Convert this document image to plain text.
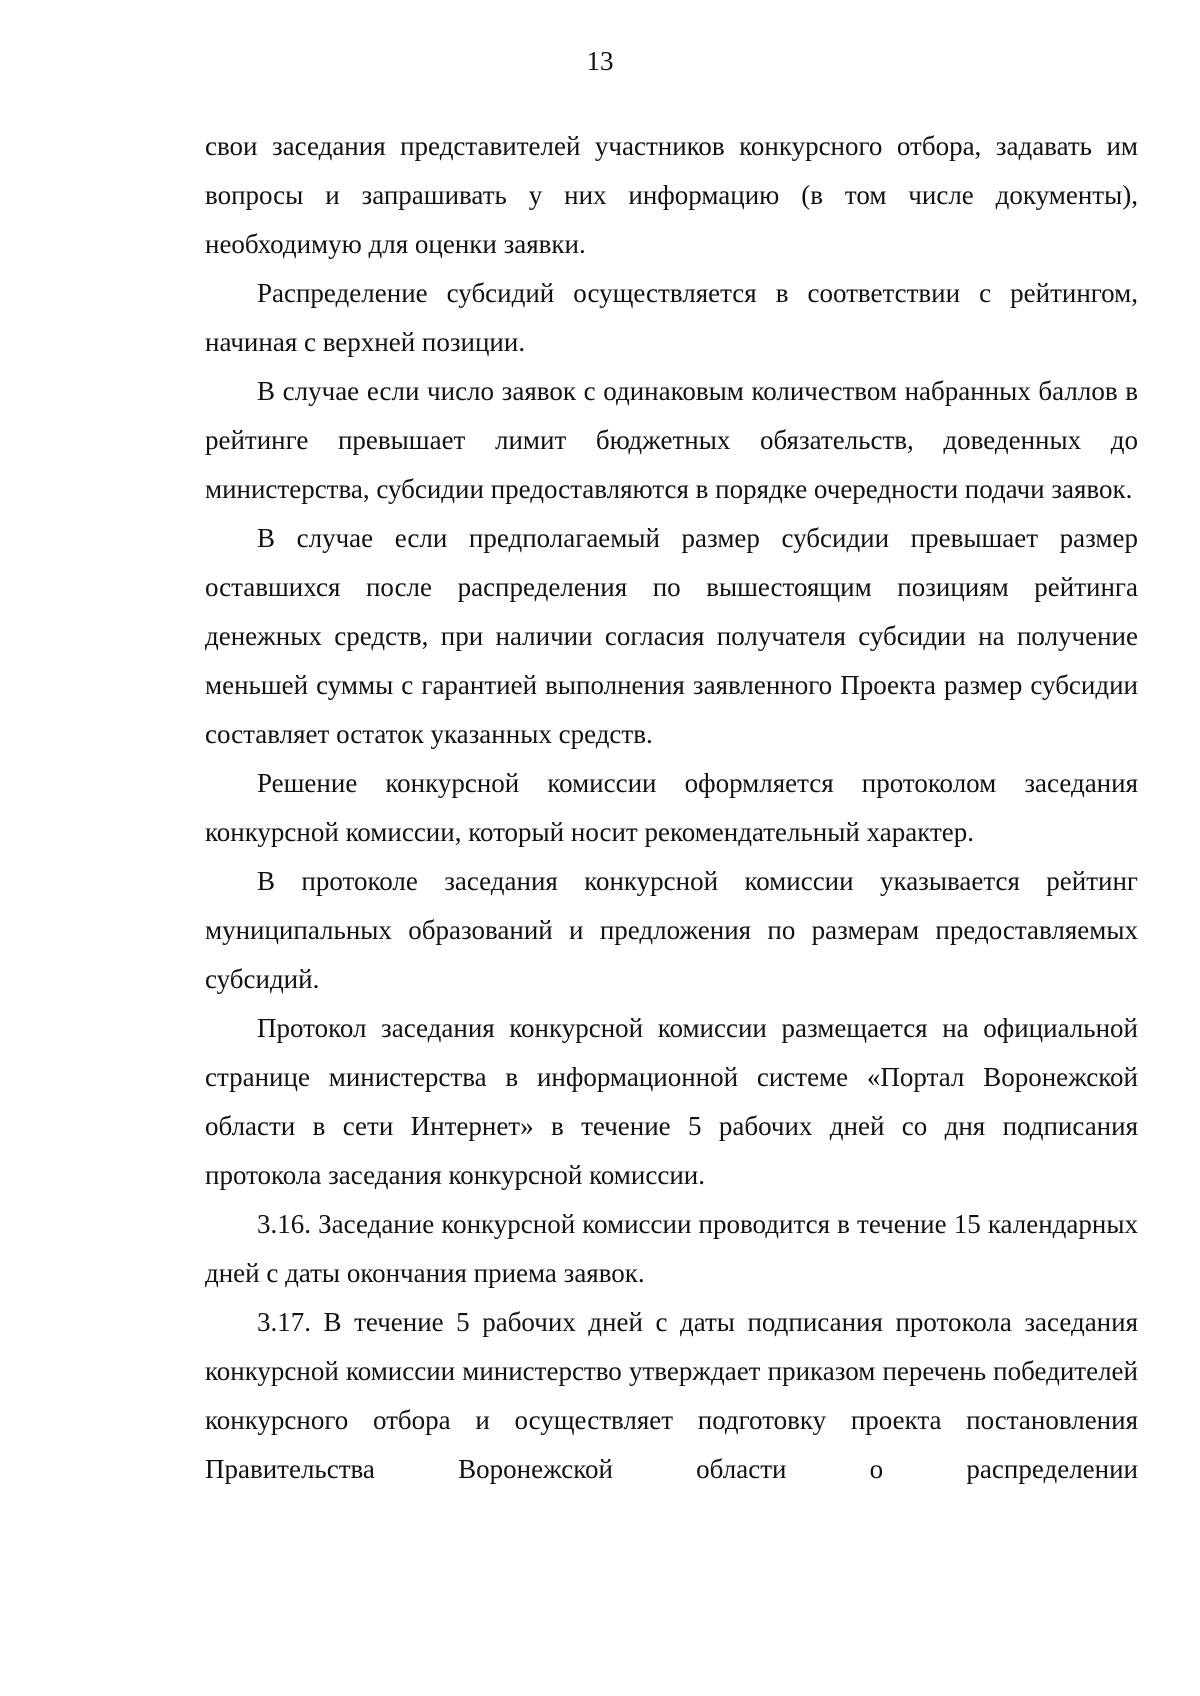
13

свои заседания представителей участников конкурсного отбора, задавать им вопросы и запрашивать у них информацию (в том числе документы), необходимую для оценки заявки.

Распределение субсидий осуществляется в соответствии с рейтингом, начиная с верхней позиции.

В случае если число заявок с одинаковым количеством набранных баллов в рейтинге превышает лимит бюджетных обязательств, доведенных до министерства, субсидии предоставляются в порядке очередности подачи заявок.

В случае если предполагаемый размер субсидии превышает размер оставшихся после распределения по вышестоящим позициям рейтинга денежных средств, при наличии согласия получателя субсидии на получение меньшей суммы с гарантией выполнения заявленного Проекта размер субсидии составляет остаток указанных средств.

Решение конкурсной комиссии оформляется протоколом заседания конкурсной комиссии, который носит рекомендательный характер.

В протоколе заседания конкурсной комиссии указывается рейтинг муниципальных образований и предложения по размерам предоставляемых субсидий.

Протокол заседания конкурсной комиссии размещается на официальной странице министерства в информационной системе «Портал Воронежской области в сети Интернет» в течение 5 рабочих дней со дня подписания протокола заседания конкурсной комиссии.

3.16. Заседание конкурсной комиссии проводится в течение 15 календарных дней с даты окончания приема заявок.

3.17. В течение 5 рабочих дней с даты подписания протокола заседания конкурсной комиссии министерство утверждает приказом перечень победителей конкурсного отбора и осуществляет подготовку проекта постановления Правительства Воронежской области о распределении
